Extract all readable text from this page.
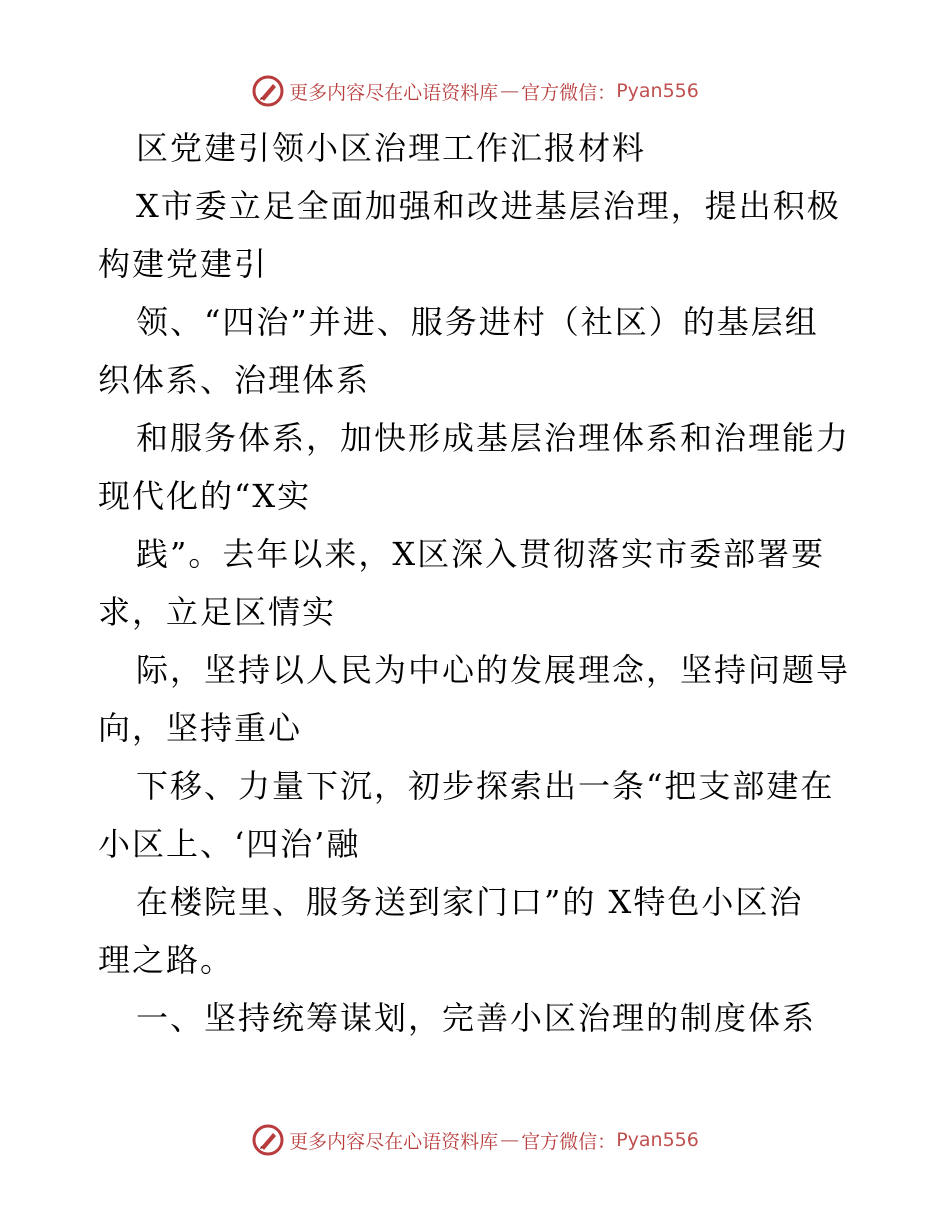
更多内容尽在心语资料库 — 官方微信： Pyan556
区党建引领小区治理工作汇报材料
X市委立足全面加强和改进基层治理，提出积极
构建党建引
领、“四治”并进、服务进村（社区）的基层组
织体系、治理体系
和服务体系，加快形成基层治理体系和治理能力
现代化的“X实
践”。去年以来，X区深入贯彻落实市委部署要
求，立足区情实
际，坚持以人民为中心的发展理念，坚持问题导
向，坚持重心
下移、力量下沉，初步探索出一条“把支部建在
小区上、‘四治’融
在楼院里、服务送到家门口”的 X特色小区治
理之路。
一、坚持统筹谋划，完善小区治理的制度体系
更多内容尽在心语资料库 — 官方微信： Pyan556
